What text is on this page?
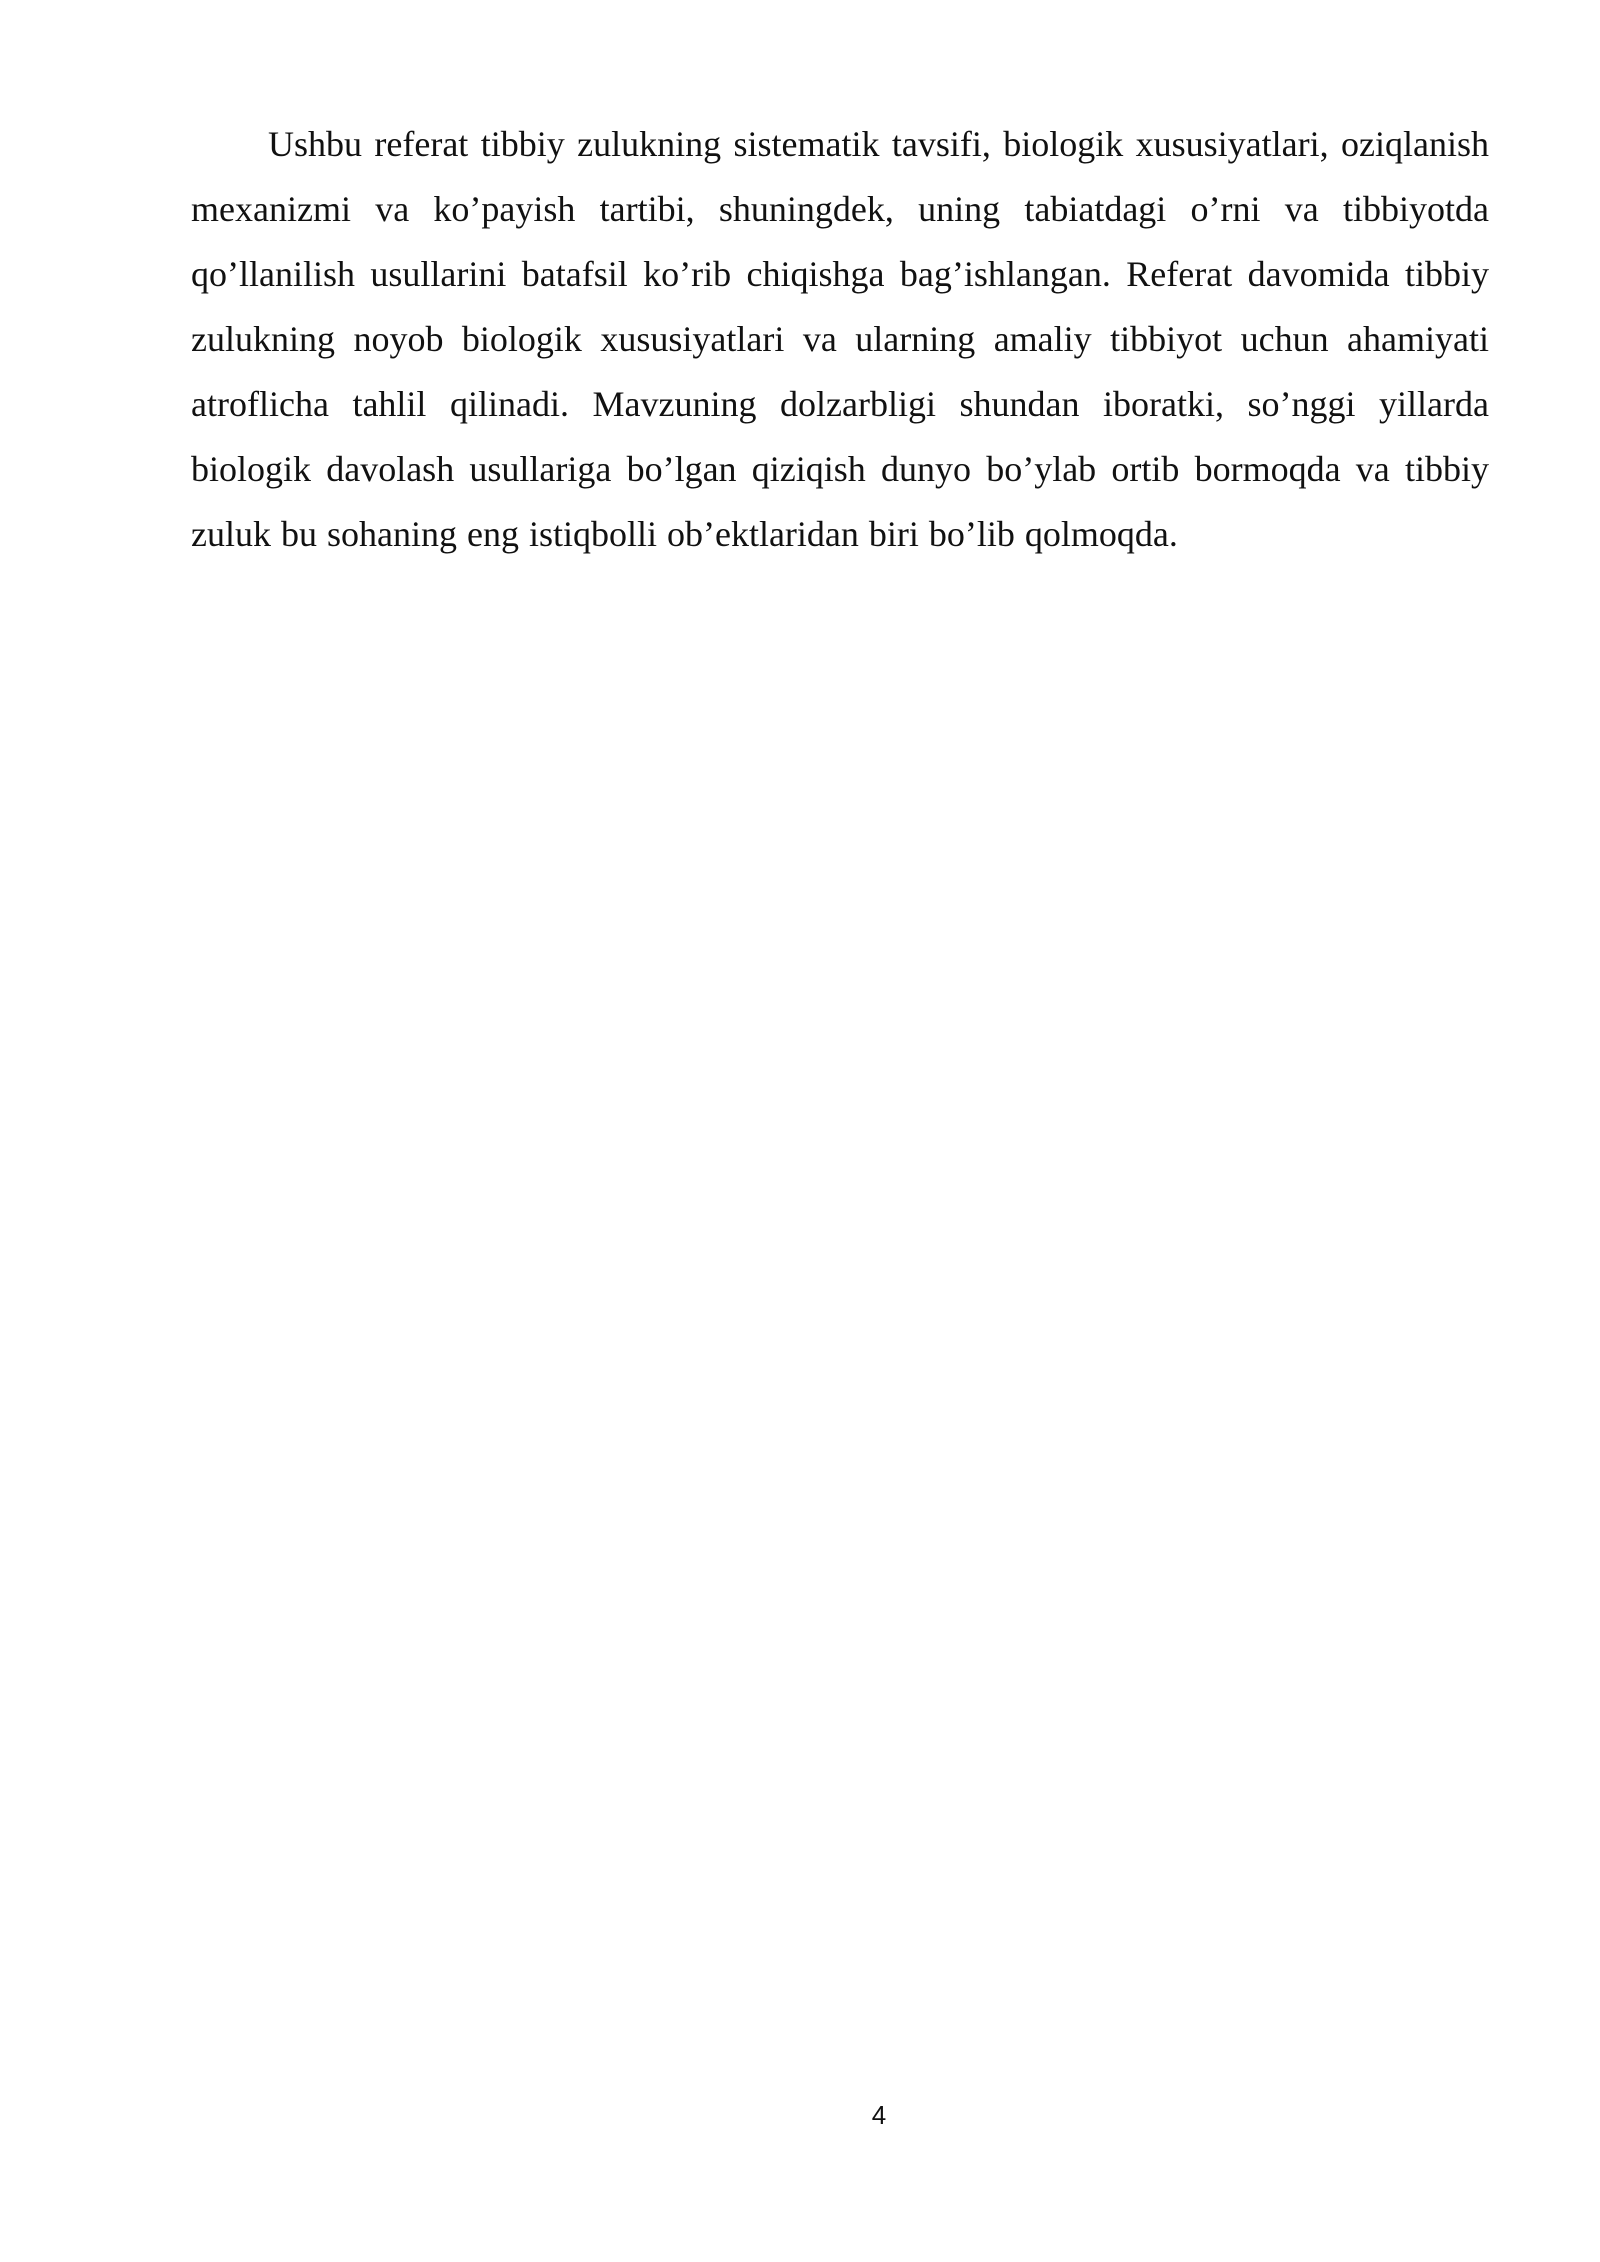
Ushbu referat tibbiy zulukning sistematik tavsifi, biologik xususiyatlari, oziqlanish mexanizmi va ko’payish tartibi, shuningdek, uning tabiatdagi o’rni va tibbiyotda qo’llanilish usullarini batafsil ko’rib chiqishga bag’ishlangan. Referat davomida tibbiy zulukning noyob biologik xususiyatlari va ularning amaliy tibbiyot uchun ahamiyati atroflicha tahlil qilinadi. Mavzuning dolzarbligi shundan iboratki, so’nggi yillarda biologik davolash usullariga bo’lgan qiziqish dunyo bo’ylab ortib bormoqda va tibbiy zuluk bu sohaning eng istiqbolli ob’ektlaridan biri bo’lib qolmoqda.

4
